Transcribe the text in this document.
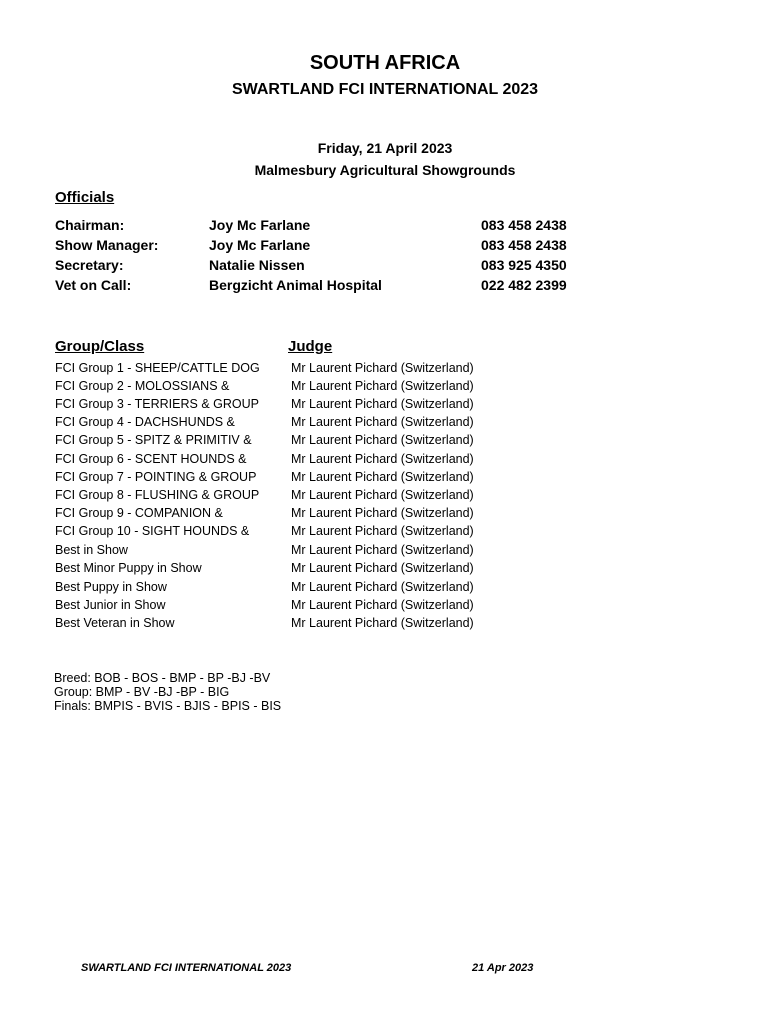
SOUTH AFRICA
SWARTLAND FCI INTERNATIONAL 2023
Friday, 21 April 2023
Malmesbury Agricultural Showgrounds
Officials
Chairman:	Joy Mc Farlane	083 458 2438
Show Manager:	Joy Mc Farlane	083 458 2438
Secretary:	Natalie Nissen	083 925 4350
Vet on Call:	Bergzicht Animal Hospital	022 482 2399
Group/Class	Judge
FCI Group 1 - SHEEP/CATTLE DOG	Mr Laurent Pichard (Switzerland)
FCI Group 2 - MOLOSSIANS &	Mr Laurent Pichard (Switzerland)
FCI Group 3 - TERRIERS & GROUP	Mr Laurent Pichard (Switzerland)
FCI Group 4 - DACHSHUNDS &	Mr Laurent Pichard (Switzerland)
FCI Group 5 - SPITZ & PRIMITIV &	Mr Laurent Pichard (Switzerland)
FCI Group 6 - SCENT HOUNDS &	Mr Laurent Pichard (Switzerland)
FCI Group 7 - POINTING & GROUP	Mr Laurent Pichard (Switzerland)
FCI Group 8 - FLUSHING & GROUP	Mr Laurent Pichard (Switzerland)
FCI Group 9 - COMPANION &	Mr Laurent Pichard (Switzerland)
FCI Group 10 - SIGHT HOUNDS &	Mr Laurent Pichard (Switzerland)
Best in Show	Mr Laurent Pichard (Switzerland)
Best Minor Puppy in Show	Mr Laurent Pichard (Switzerland)
Best Puppy in Show	Mr Laurent Pichard (Switzerland)
Best Junior in Show	Mr Laurent Pichard (Switzerland)
Best Veteran in Show	Mr Laurent Pichard (Switzerland)
Breed: BOB - BOS - BMP - BP -BJ -BV
Group: BMP - BV -BJ -BP - BIG
Finals: BMPIS - BVIS - BJIS - BPIS - BIS
SWARTLAND FCI INTERNATIONAL 2023	21 Apr 2023
